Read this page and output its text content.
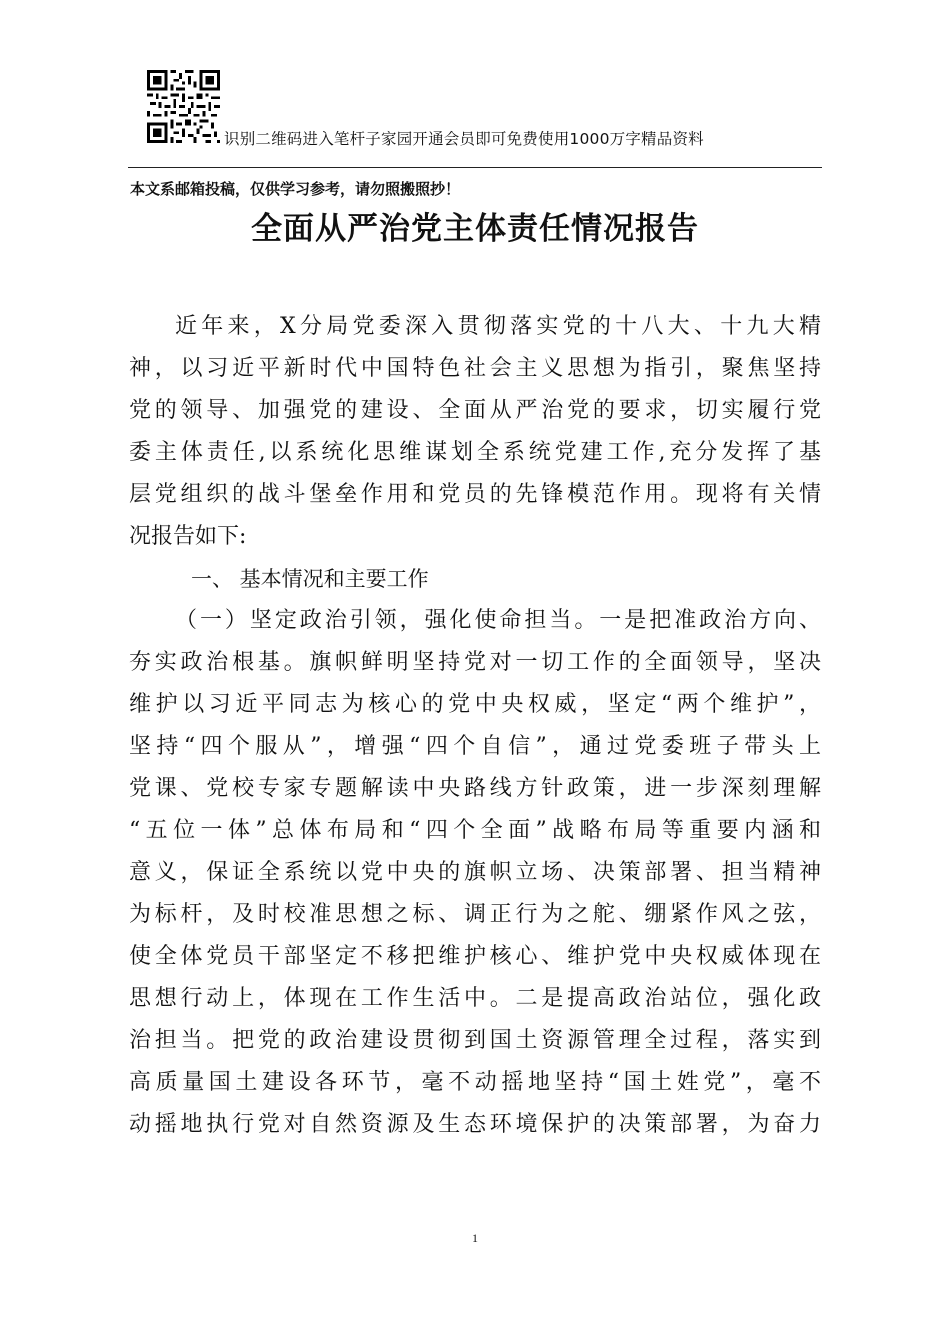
识别二维码进入笔杆子家园开通会员即可免费使用1000万字精品资料
本文系邮箱投稿，仅供学习参考，请勿照搬照抄！
全面从严治党主体责任情况报告
近年来，X分局党委深入贯彻落实党的十八大、十九大精
神，以习近平新时代中国特色社会主义思想为指引，聚焦坚持
党的领导、加强党的建设、全面从严治党的要求，切实履行党
委主体责任,以系统化思维谋划全系统党建工作,充分发挥了基
层党组织的战斗堡垒作用和党员的先锋模范作用。现将有关情
况报告如下:
一、 基本情况和主要工作
（一）坚定政治引领，强化使命担当。一是把准政治方向、
夯实政治根基。旗帜鲜明坚持党对一切工作的全面领导，坚决
维护以习近平同志为核心的党中央权威，坚定“两个维护”，
坚持“四个服从”，增强“四个自信”，通过党委班子带头上
党课、党校专家专题解读中央路线方针政策，进一步深刻理解
“五位一体”总体布局和“四个全面”战略布局等重要内涵和
意义，保证全系统以党中央的旗帜立场、决策部署、担当精神
为标杆，及时校准思想之标、调正行为之舵、绷紧作风之弦，
使全体党员干部坚定不移把维护核心、维护党中央权威体现在
思想行动上，体现在工作生活中。二是提高政治站位，强化政
治担当。把党的政治建设贯彻到国土资源管理全过程，落实到
高质量国土建设各环节，毫不动摇地坚持“国土姓党”，毫不
动摇地执行党对自然资源及生态环境保护的决策部署，为奋力
1
